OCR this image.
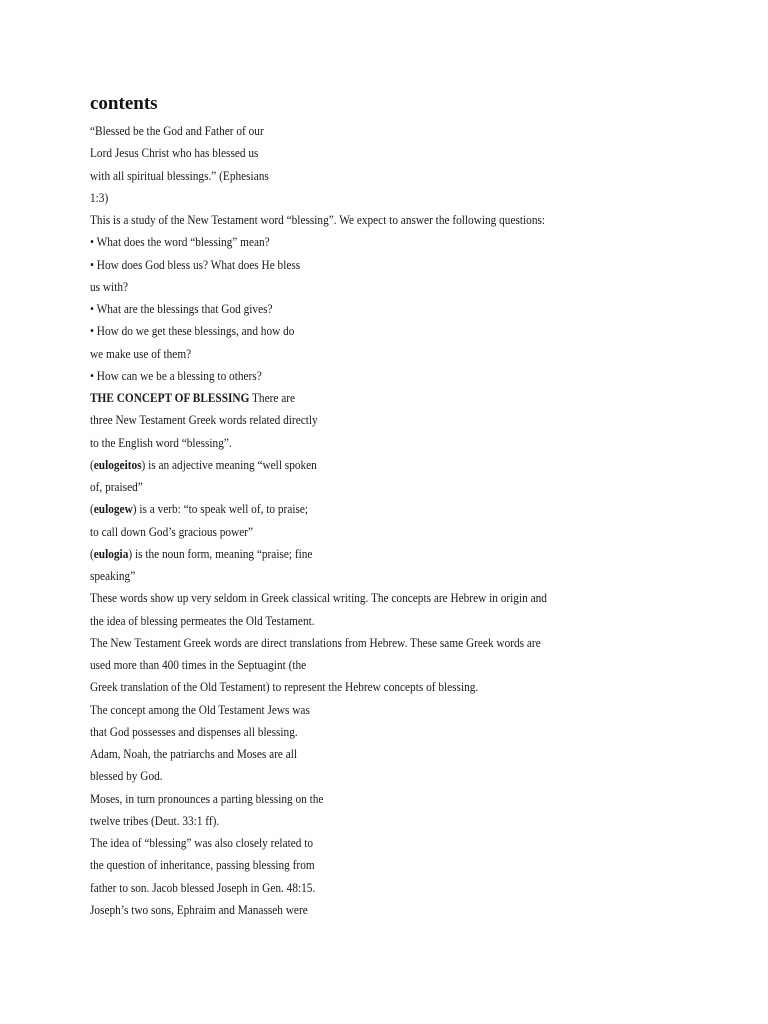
contents
“Blessed be the God and Father of our
Lord Jesus Christ who has blessed us
with all spiritual blessings.” (Ephesians
1:3)
This is a study of the New Testament word “blessing”. We expect to answer the following questions:
• What does the word “blessing” mean?
• How does God bless us? What does He bless
us with?
• What are the blessings that God gives?
• How do we get these blessings, and how do
we make use of them?
• How can we be a blessing to others?
THE CONCEPT OF BLESSING There are
three New Testament Greek words related directly
to the English word “blessing”.
(eulogeitos) is an adjective meaning “well spoken
of, praised”
(eulogew) is a verb: “to speak well of, to praise;
to call down God’s gracious power”
(eulogia) is the noun form, meaning “praise; fine
speaking”
These words show up very seldom in Greek classical writing. The concepts are Hebrew in origin and
the idea of blessing permeates the Old Testament.
The New Testament Greek words are direct translations from Hebrew. These same Greek words are
used more than 400 times in the Septuagint (the
Greek translation of the Old Testament) to represent the Hebrew concepts of blessing.
The concept among the Old Testament Jews was
that God possesses and dispenses all blessing.
Adam, Noah, the patriarchs and Moses are all
blessed by God.
Moses, in turn pronounces a parting blessing on the
twelve tribes (Deut. 33:1 ff).
The idea of “blessing” was also closely related to
the question of inheritance, passing blessing from
father to son. Jacob blessed Joseph in Gen. 48:15.
Joseph’s two sons, Ephraim and Manasseh were
